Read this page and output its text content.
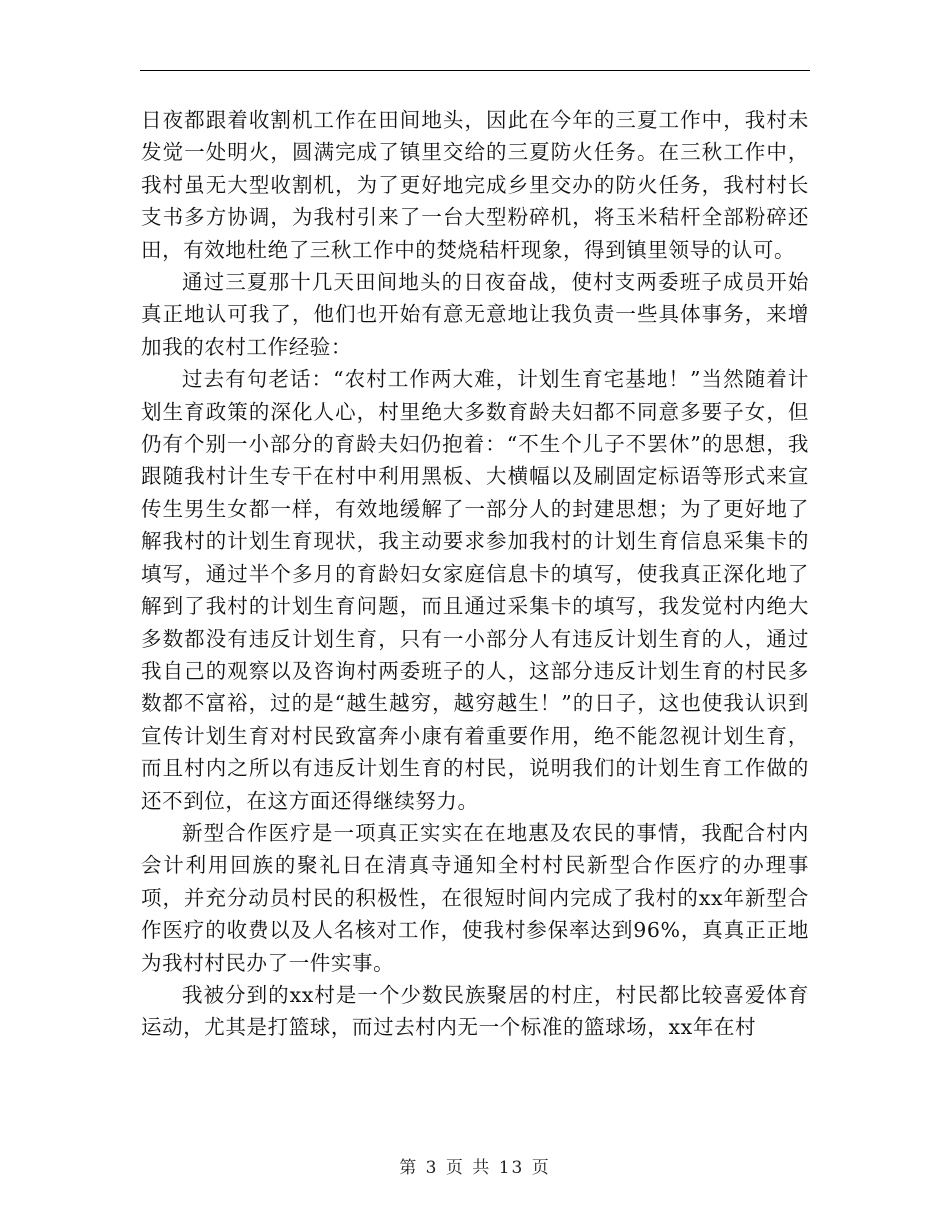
日夜都跟着收割机工作在田间地头，因此在今年的三夏工作中，我村未发觉一处明火，圆满完成了镇里交给的三夏防火任务。在三秋工作中，我村虽无大型收割机，为了更好地完成乡里交办的防火任务，我村村长支书多方协调，为我村引来了一台大型粉碎机，将玉米秸杆全部粉碎还田，有效地杜绝了三秋工作中的焚烧秸杆现象，得到镇里领导的认可。

通过三夏那十几天田间地头的日夜奋战，使村支两委班子成员开始真正地认可我了，他们也开始有意无意地让我负责一些具体事务，来增加我的农村工作经验：

过去有句老话：“农村工作两大难，计划生育宅基地！”当然随着计划生育政策的深化人心，村里绝大多数育龄夫妇都不同意多要子女，但仍有个别一小部分的育龄夫妇仍抱着：“不生个儿子不罢休”的思想，我跟随我村计生专干在村中利用黑板、大横幅以及刷固定标语等形式来宣传生男生女都一样，有效地缓解了一部分人的封建思想；为了更好地了解我村的计划生育现状，我主动要求参加我村的计划生育信息采集卡的填写，通过半个多月的育龄妇女家庭信息卡的填写，使我真正深化地了解到了我村的计划生育问题，而且通过采集卡的填写，我发觉村内绝大多数都没有违反计划生育，只有一小部分人有违反计划生育的人，通过我自己的观察以及咨询村两委班子的人，这部分违反计划生育的村民多数都不富裕，过的是“越生越穷，越穷越生！”的日子，这也使我认识到宣传计划生育对村民致富奔小康有着重要作用，绝不能忽视计划生育，而且村内之所以有违反计划生育的村民，说明我们的计划生育工作做的还不到位，在这方面还得继续努力。

新型合作医疗是一项真正实实在在地惠及农民的事情，我配合村内会计利用回族的聚礼日在清真寺通知全村村民新型合作医疗的办理事项，并充分动员村民的积极性，在很短时间内完成了我村的xx年新型合作医疗的收费以及人名核对工作，使我村参保率达到96%，真真正正地为我村村民办了一件实事。

我被分到的xx村是一个少数民族聚居的村庄，村民都比较喜爱体育运动，尤其是打篮球，而过去村内无一个标准的篮球场，xx年在村

第 3 页 共 13 页
